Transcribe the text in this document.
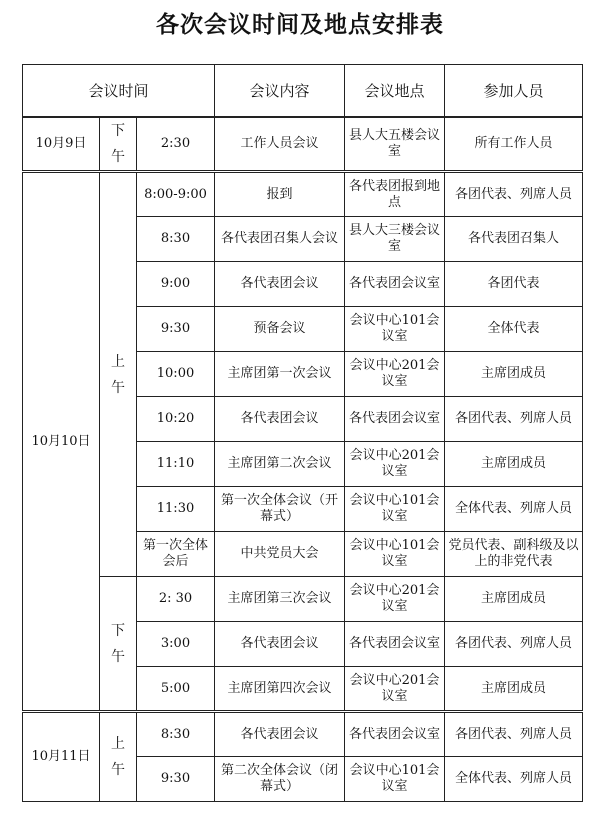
各次会议时间及地点安排表
会议时间			会议内容	会议地点	参加人员
10月9日	下午	2:30	工作人员会议	县人大五楼会议室	所有工作人员
10月10日	上午	8:00-9:00	报到	各代表团报到地点	各团代表、列席人员
		8:30	各代表团召集人会议	县人大三楼会议室	各代表团召集人
		9:00	各代表团会议	各代表团会议室	各团代表
		9:30	预备会议	会议中心101会议室	全体代表
		10:00	主席团第一次会议	会议中心201会议室	主席团成员
		10:20	各代表团会议	各代表团会议室	各团代表、列席人员
		11:10	主席团第二次会议	会议中心201会议室	主席团成员
		11:30	第一次全体会议（开幕式）	会议中心101会议室	全体代表、列席人员
		第一次全体会后	中共党员大会	会议中心101会议室	党员代表、副科级及以上的非党代表
	下午	2: 30	主席团第三次会议	会议中心201会议室	主席团成员
		3:00	各代表团会议	各代表团会议室	各团代表、列席人员
		5:00	主席团第四次会议	会议中心201会议室	主席团成员
10月11日	上午	8:30	各代表团会议	各代表团会议室	各团代表、列席人员
		9:30	第二次全体会议（闭幕式）	会议中心101会议室	全体代表、列席人员
